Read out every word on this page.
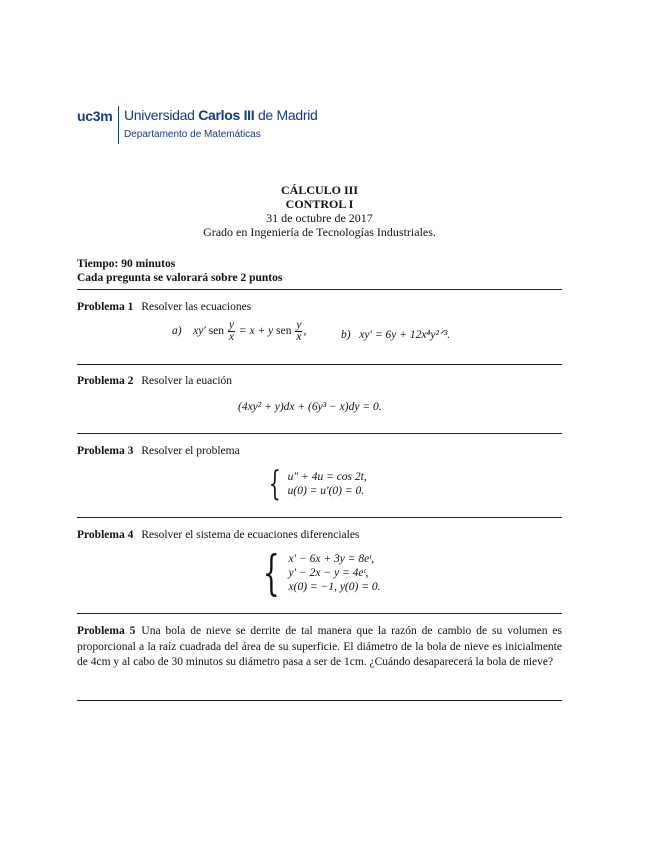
uc3m Universidad Carlos III de Madrid
Departamento de Matemáticas
CÁLCULO III
CONTROL I
31 de octubre de 2017
Grado en Ingeniería de Tecnologías Industriales.
Tiempo: 90 minutos
Cada pregunta se valorará sobre 2 puntos
Problema 1 Resolver las ecuaciones
a)    xy′ sen $\frac{y}{x} = x + y$ sen $\frac{y}{x}$ ,	b) xy′ = 6y + 12x⁴y²ᐟ³.
Problema 2 Resolver la euación
(4xy² + y)dx + (6y³ − x)dy = 0.
Problema 3 Resolver el problema
{ u″ + 4u = cos 2t,
u(0) = u′(0) = 0.
Problema 4 Resolver el sistema de ecuaciones diferenciales
{ x′ − 6x + 3y = 8eᵗ,
y′ − 2x − y = 4eᵗ,
x(0) = −1, y(0) = 0.
Problema 5 Una bola de nieve se derrite de tal manera que la razón de cambio de su volumen es proporcional a la raíz cuadrada del área de su superficie. El diámetro de la bola de nieve es inicialmente de 4cm y al cabo de 30 minutos su diámetro pasa a ser de 1cm. ¿Cuándo desaparecerá la bola de nieve?
